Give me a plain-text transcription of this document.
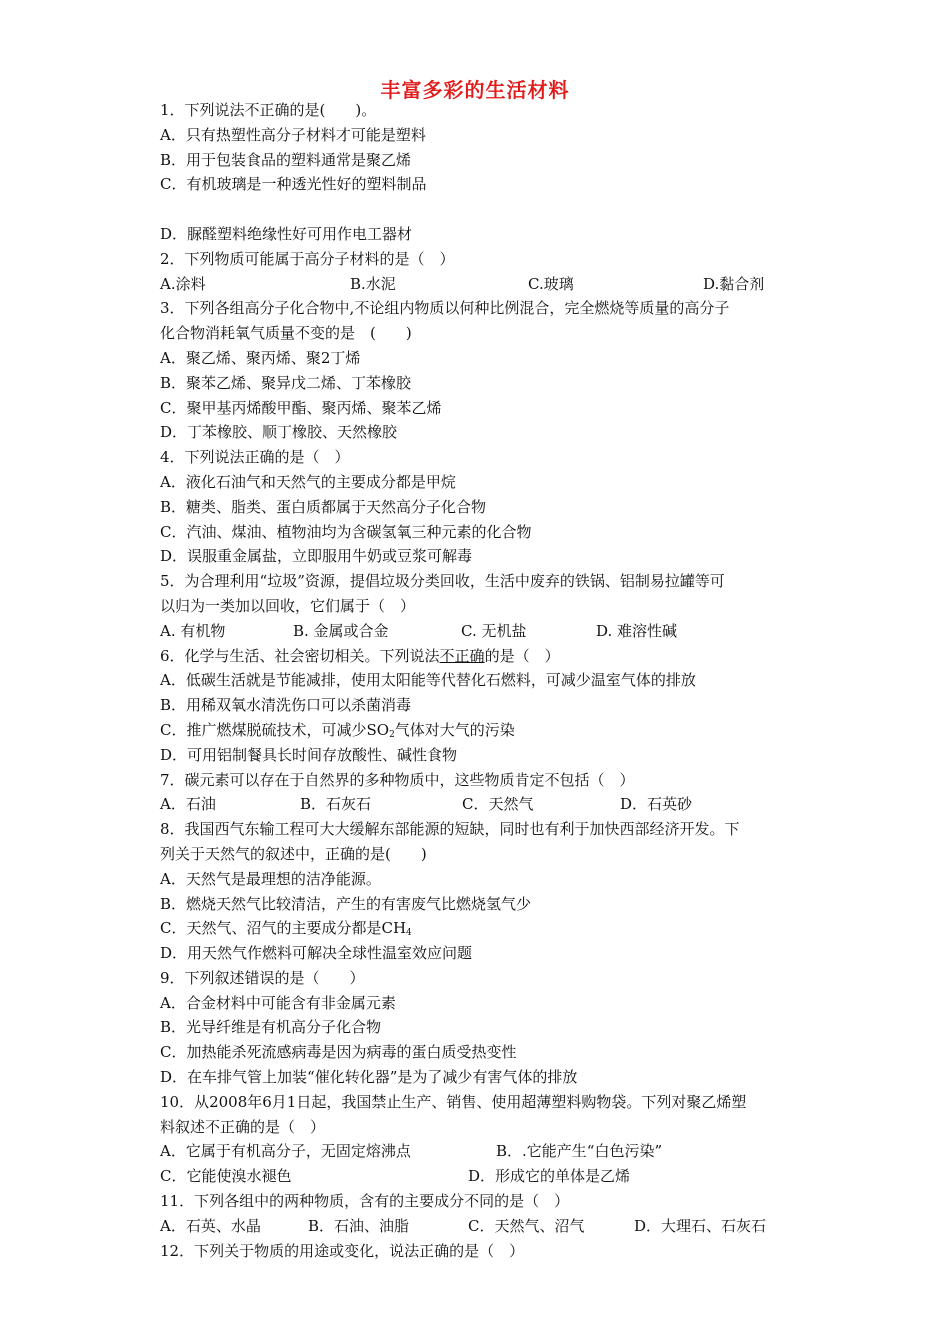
丰富多彩的生活材料
1．下列说法不正确的是(　　)。
A．只有热塑性高分子材料才可能是塑料
B．用于包装食品的塑料通常是聚乙烯
C．有机玻璃是一种透光性好的塑料制品
D．脲醛塑料绝缘性好可用作电工器材
2．下列物质可能属于高分子材料的是（　）
A.涂料	B.水泥	C.玻璃	D.黏合剂
3．下列各组高分子化合物中,不论组内物质以何种比例混合，完全燃烧等质量的高分子
化合物消耗氧气质量不变的是　(　　)
A．聚乙烯、聚丙烯、聚2丁烯
B．聚苯乙烯、聚异戊二烯、丁苯橡胶
C．聚甲基丙烯酸甲酯、聚丙烯、聚苯乙烯
D．丁苯橡胶、顺丁橡胶、天然橡胶
4．下列说法正确的是（　）
A．液化石油气和天然气的主要成分都是甲烷
B．糖类、脂类、蛋白质都属于天然高分子化合物
C．汽油、煤油、植物油均为含碳氢氧三种元素的化合物
D．误服重金属盐，立即服用牛奶或豆浆可解毒
5．为合理利用“垃圾”资源，提倡垃圾分类回收，生活中废弃的铁锅、铝制易拉罐等可
以归为一类加以回收，它们属于（　）
A. 有机物	B. 金属或合金	C. 无机盐	D. 难溶性碱
6．化学与生活、社会密切相关。下列说法不正确的是（　）
A．低碳生活就是节能减排，使用太阳能等代替化石燃料，可减少温室气体的排放
B．用稀双氧水清洗伤口可以杀菌消毒
C．推广燃煤脱硫技术，可减少$SO_2$气体对大气的污染
D．可用铝制餐具长时间存放酸性、碱性食物
7．碳元素可以存在于自然界的多种物质中，这些物质肯定不包括（　）
A．石油	B．石灰石	C．天然气	D．石英砂
8．我国西气东输工程可大大缓解东部能源的短缺，同时也有利于加快西部经济开发。下
列关于天然气的叙述中，正确的是(　　)
A．天然气是最理想的洁净能源。
B．燃烧天然气比较清洁，产生的有害废气比燃烧氢气少
C．天然气、沼气的主要成分都是$CH_4$
D．用天然气作燃料可解决全球性温室效应问题
9．下列叙述错误的是（　　）
A．合金材料中可能含有非金属元素
B．光导纤维是有机高分子化合物
C．加热能杀死流感病毒是因为病毒的蛋白质受热变性
D．在车排气管上加装“催化转化器”是为了减少有害气体的排放
10．从2008年6月1日起，我国禁止生产、销售、使用超薄塑料购物袋。下列对聚乙烯塑
料叙述不正确的是（　）
A．它属于有机高分子，无固定熔沸点	B．.它能产生“白色污染”
C．它能使溴水褪色	D．形成它的单体是乙烯
11．下列各组中的两种物质，含有的主要成分不同的是（　）
A．石英、水晶	B．石油、油脂	C．天然气、沼气	D．大理石、石灰石
12．下列关于物质的用途或变化，说法正确的是（　）
